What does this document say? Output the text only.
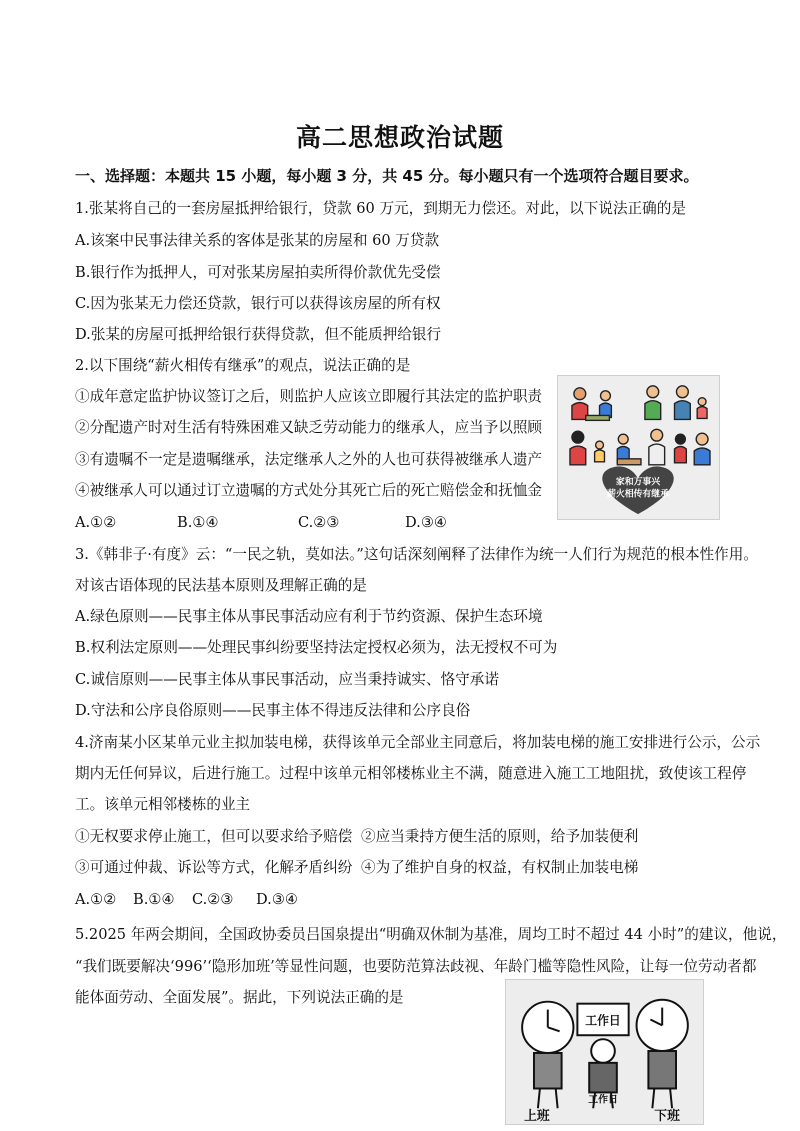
高二思想政治试题
一、选择题：本题共 15 小题，每小题 3 分，共 45 分。每小题只有一个选项符合题目要求。
1.张某将自己的一套房屋抵押给银行，贷款 60 万元，到期无力偿还。对此，以下说法正确的是
A.该案中民事法律关系的客体是张某的房屋和 60 万贷款
B.银行作为抵押人，可对张某房屋拍卖所得价款优先受偿
C.因为张某无力偿还贷款，银行可以获得该房屋的所有权
D.张某的房屋可抵押给银行获得贷款，但不能质押给银行
2.以下围绕“薪火相传有继承”的观点，说法正确的是
①成年意定监护协议签订之后，则监护人应该立即履行其法定的监护职责
②分配遗产时对生活有特殊困难又缺乏劳动能力的继承人，应当予以照顾
③有遗嘱不一定是遗嘱继承，法定继承人之外的人也可获得被继承人遗产
④被继承人可以通过订立遗嘱的方式处分其死亡后的死亡赔偿金和抚恤金
A.①②	B.①④	C.②③	D.③④
家和万事兴
薪火相传有继承
3.《韩非子·有度》云：“一民之轨，莫如法。”这句话深刻阐释了法律作为统一人们行为规范的根本性作用。
对该古语体现的民法基本原则及理解正确的是
A.绿色原则——民事主体从事民事活动应有利于节约资源、保护生态环境
B.权利法定原则——处理民事纠纷要坚持法定授权必须为，法无授权不可为
C.诚信原则——民事主体从事民事活动，应当秉持诚实、恪守承诺
D.守法和公序良俗原则——民事主体不得违反法律和公序良俗
4.济南某小区某单元业主拟加装电梯，获得该单元全部业主同意后，将加装电梯的施工安排进行公示，公示
期内无任何异议，后进行施工。过程中该单元相邻楼栋业主不满，随意进入施工工地阻扰，致使该工程停
工。该单元相邻楼栋的业主
①无权要求停止施工，但可以要求给予赔偿 ②应当秉持方便生活的原则，给予加装便利
③可通过仲裁、诉讼等方式，化解矛盾纠纷 ④为了维护自身的权益，有权制止加装电梯
A.①② B.①④ C.②③ D.③④
5.2025 年两会期间，全国政协委员吕国泉提出“明确双休制为基准，周均工时不超过 44 小时”的建议，他说，
“我们既要解决‘996’‘隐形加班’等显性问题，也要防范算法歧视、年龄门槛等隐性风险，让每一位劳动者都
能体面劳动、全面发展”。据此，下列说法正确的是
工作日
上班
工作日
下班
